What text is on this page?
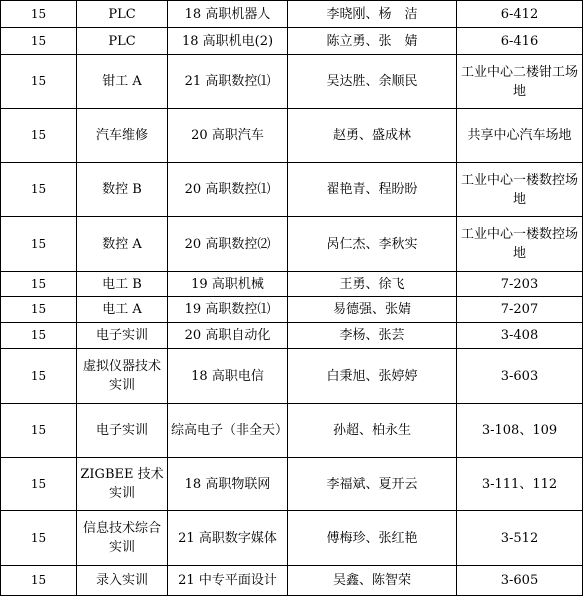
15	PLC	18 高职机器人	李晓刚、杨　洁	6-412
15	PLC	18 高职机电(2)	陈立勇、张　婧	6-416
15	钳工 A	21 高职数控⑴	吴达胜、余顺民	工业中心二楼钳工场地
15	汽车维修	20 高职汽车	赵勇、盛成林	共享中心汽车场地
15	数控 B	20 高职数控⑴	翟艳青、程盼盼	工业中心一楼数控场地
15	数控 A	20 高职数控⑵	呙仁杰、李秋实	工业中心一楼数控场地
15	电工 B	19 高职机械	王勇、徐飞	7-203
15	电工 A	19 高职数控⑴	易德强、张婧	7-207
15	电子实训	20 高职自动化	李杨、张芸	3-408
15	虚拟仪器技术实训	18 高职电信	白秉旭、张婷婷	3-603
15	电子实训	综高电子（非全天）	孙超、柏永生	3-108、109
15	ZIGBEE 技术实训	18 高职物联网	李福斌、夏开云	3-111、112
15	信息技术综合实训	21 高职数字媒体	傅梅珍、张红艳	3-512
15	录入实训	21 中专平面设计	吴鑫、陈智荣	3-605
